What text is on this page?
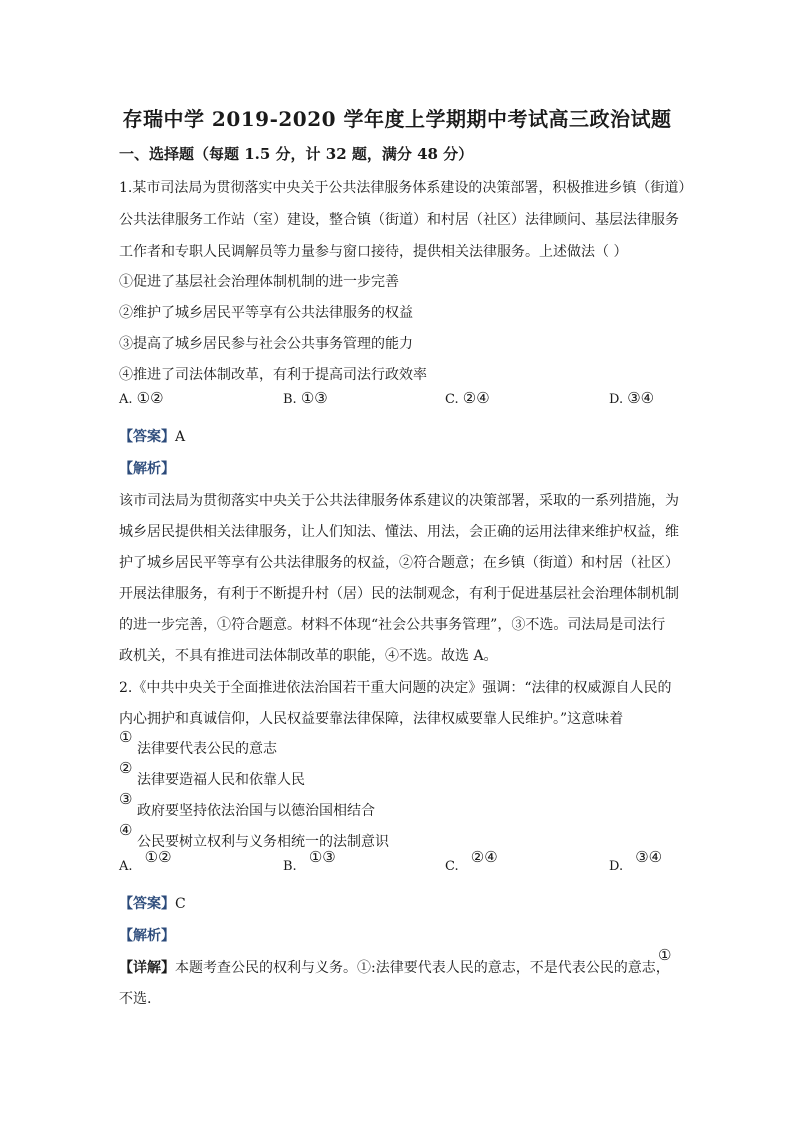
存瑞中学 2019-2020 学年度上学期期中考试高三政治试题
一、选择题（每题 1.5 分，计 32 题，满分 48 分）
1.某市司法局为贯彻落实中央关于公共法律服务体系建设的决策部署，积极推进乡镇（街道）
公共法律服务工作站（室）建设，整合镇（街道）和村居（社区）法律顾问、基层法律服务
工作者和专职人民调解员等力量参与窗口接待，提供相关法律服务。上述做法（ ）
①促进了基层社会治理体制机制的进一步完善
②维护了城乡居民平等享有公共法律服务的权益
③提高了城乡居民参与社会公共事务管理的能力
④推进了司法体制改革，有利于提高司法行政效率
A. ①②	B. ①③	C. ②④	D. ③④
【答案】A
【解析】
该市司法局为贯彻落实中央关于公共法律服务体系建议的决策部署，采取的一系列措施，为
城乡居民提供相关法律服务，让人们知法、懂法、用法，会正确的运用法律来维护权益，维
护了城乡居民平等享有公共法律服务的权益，②符合题意；在乡镇（街道）和村居（社区）
开展法律服务，有利于不断提升村（居）民的法制观念，有利于促进基层社会治理体制机制
的进一步完善，①符合题意。材料不体现“社会公共事务管理”，③不选。司法局是司法行
政机关，不具有推进司法体制改革的职能，④不选。故选 A。
2.《中共中央关于全面推进依法治国若干重大问题的决定》强调：“法律的权威源自人民的
内心拥护和真诚信仰，人民权益要靠法律保障，法律权威要靠人民维护。”这意味着
①
法律要代表公民的意志
②
法律要造福人民和依靠人民
③
政府要坚持依法治国与以德治国相结合
④
公民要树立权利与义务相统一的法制意识
A. ①②
B. ①③
C. ②④
D. ③④
【答案】C
【解析】
【详解】本题考查公民的权利与义务。①:法律要代表人民的意志，不是代表公民的意志，
①
不选.
